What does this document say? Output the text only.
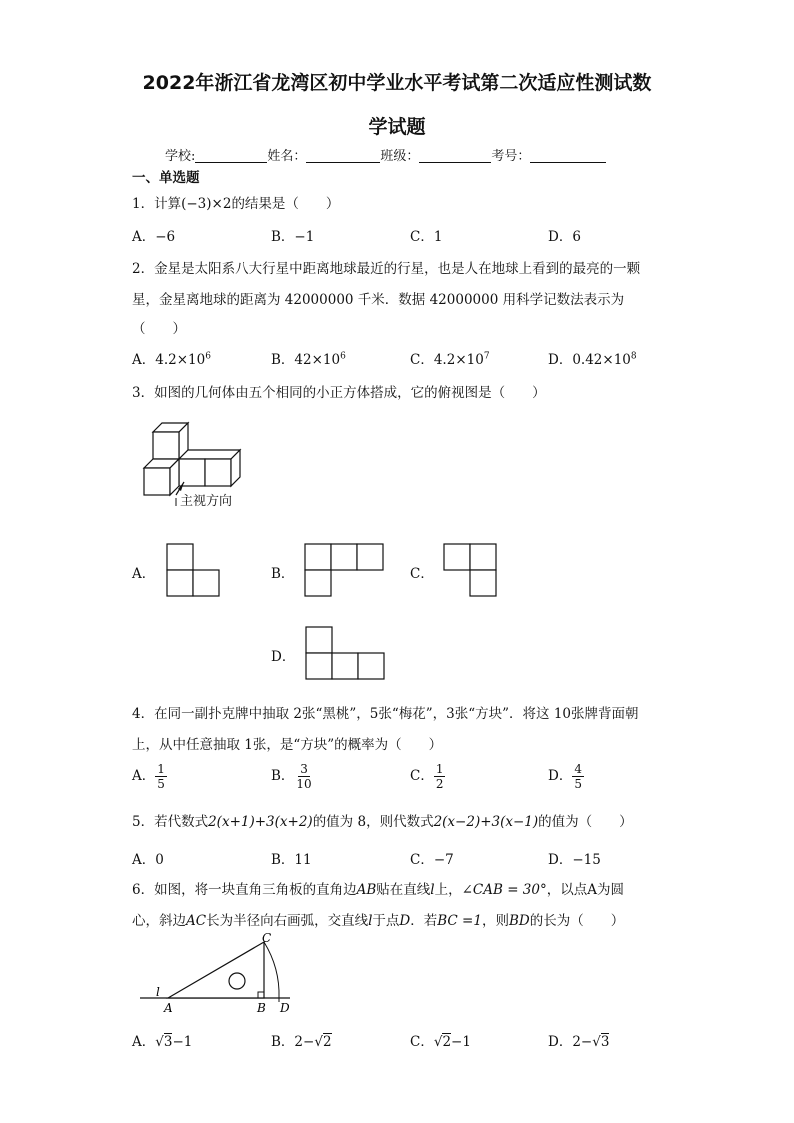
2022年浙江省龙湾区初中学业水平考试第二次适应性测试数
学试题
学校:	姓名：	班级：	考号：
一、单选题
1．计算(−3)×2的结果是（　　）
A．−6	B．−1	C．1	D．6
2．金星是太阳系八大行星中距离地球最近的行星，也是人在地球上看到的最亮的一颗
星，金星离地球的距离为 42000000 千米．数据 42000000 用科学记数法表示为
（　　）
A．$4.2\times 10^6$	B．$42\times 10^6$	C．$4.2\times 10^7$	D．$0.42\times 10^8$
3．如图的几何体由五个相同的小正方体搭成，它的俯视图是（　　）
主视方向
A．	B．	C．
D．
4．在同一副扑克牌中抽取 2张“黑桃”，5张“梅花”，3张“方块”．将这 10张牌背面朝
上，从中任意抽取 1张，是“方块”的概率为（　　）
A． $\frac{1}{5}$	B． $\frac{3}{10}$	C． $\frac{1}{2}$	D． $\frac{4}{5}$
5．若代数式2(x+1)+3(x+2)的值为 8，则代数式2(x−2)+3(x−1)的值为（　　）
A．0	B．11	C．−7	D．−15
6．如图，将一块直角三角板的直角边AB贴在直线l上，∠CAB = 30°，以点A为圆
心，斜边AC长为半径向右画弧，交直线l于点D．若BC =1，则BD的长为（　　）
C
A	B D
l
A．√3−1	B．2−√2	C．√2−1	D．2−√3
